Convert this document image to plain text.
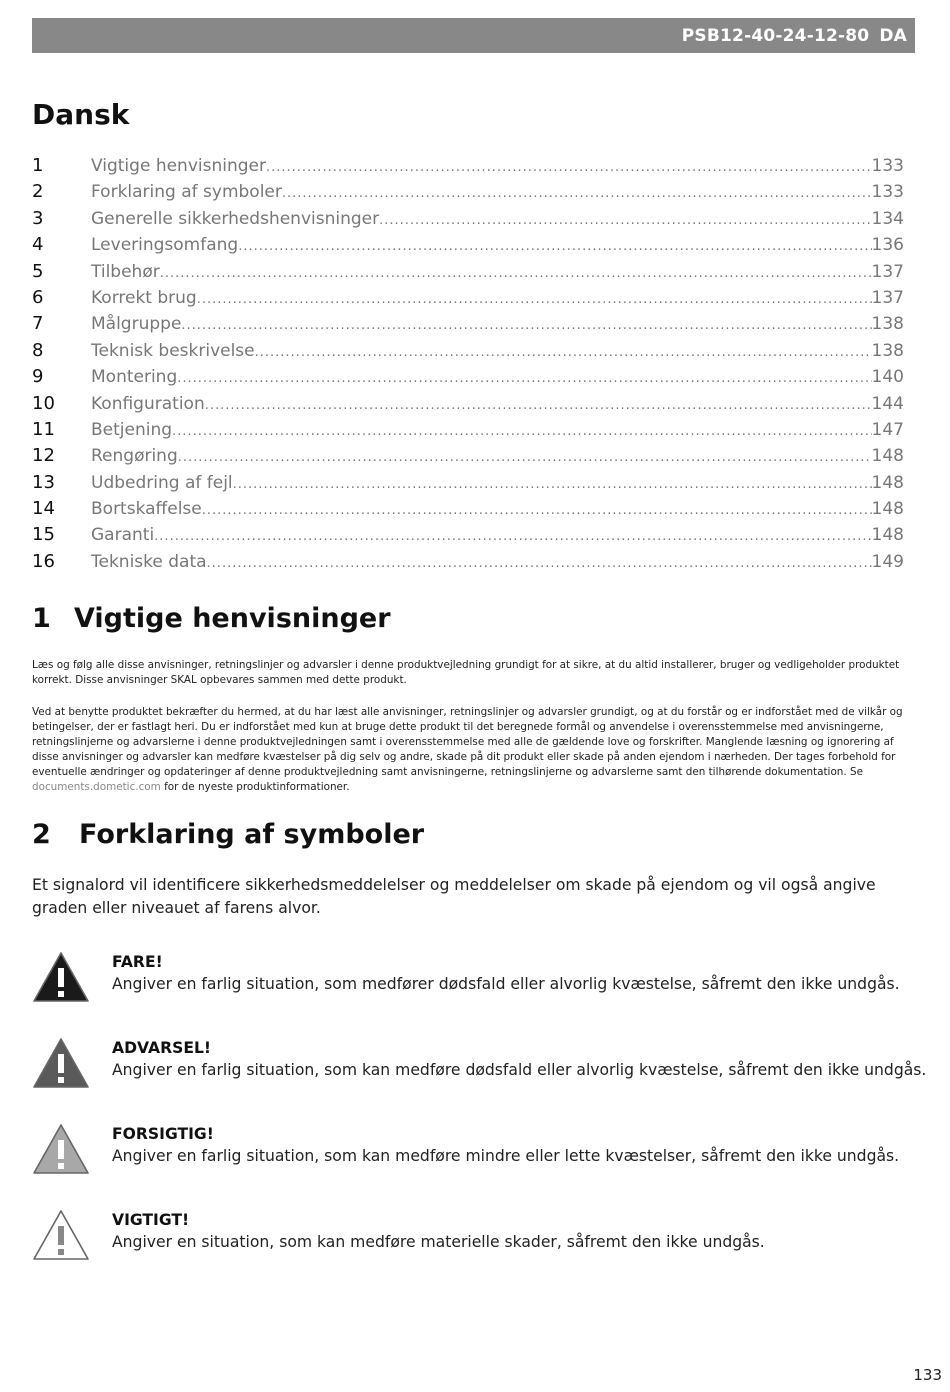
PSB12-40-24-12-80 DA
Dansk
1	Vigtige henvisninger .....	133
2	Forklaring af symboler .....	133
3	Generelle sikkerhedshenvisninger .....	134
4	Leveringsomfang .....	136
5	Tilbehør .....	137
6	Korrekt brug .....	137
7	Målgruppe .....	138
8	Teknisk beskrivelse .....	138
9	Montering .....	140
10	Konfiguration .....	144
11	Betjening .....	147
12	Rengøring .....	148
13	Udbedring af fejl .....	148
14	Bortskaffelse .....	148
15	Garanti .....	148
16	Tekniske data .....	149
1 Vigtige henvisninger

Læs og følg alle disse anvisninger, retningslinjer og advarsler i denne produktvejledning grundigt for at sikre, at du altid installerer, bruger og vedligeholder produktet korrekt. Disse anvisninger SKAL opbevares sammen med dette produkt.

Ved at benytte produktet bekræfter du hermed, at du har læst alle anvisninger, retningslinjer og advarsler grundigt, og at du forstår og er indforstået med de vilkår og betingelser, der er fastlagt heri. Du er indforstået med kun at bruge dette produkt til det beregnede formål og anvendelse i overensstemmelse med anvisningerne, retningslinjerne og advarslerne i denne produktvejledningen samt i overensstemmelse med alle de gældende love og forskrifter. Manglende læsning og ignorering af disse anvisninger og advarsler kan medføre kvæstelser på dig selv og andre, skade på dit produkt eller skade på anden ejendom i nærheden. Der tages forbehold for eventuelle ændringer og opdateringer af denne produktvejledning samt anvisningerne, retningslinjerne og advarslerne samt den tilhørende dokumentation. Se documents.dometic.com for de nyeste produktinformationer.

2 Forklaring af symboler

Et signalord vil identificere sikkerhedsmeddelelser og meddelelser om skade på ejendom og vil også angive graden eller niveauet af farens alvor.

FARE!
Angiver en farlig situation, som medfører dødsfald eller alvorlig kvæstelse, såfremt den ikke undgås.
ADVARSEL!
Angiver en farlig situation, som kan medføre dødsfald eller alvorlig kvæstelse, såfremt den ikke undgås.
FORSIGTIG!
Angiver en farlig situation, som kan medføre mindre eller lette kvæstelser, såfremt den ikke undgås.
VIGTIGT!
Angiver en situation, som kan medføre materielle skader, såfremt den ikke undgås.
133
